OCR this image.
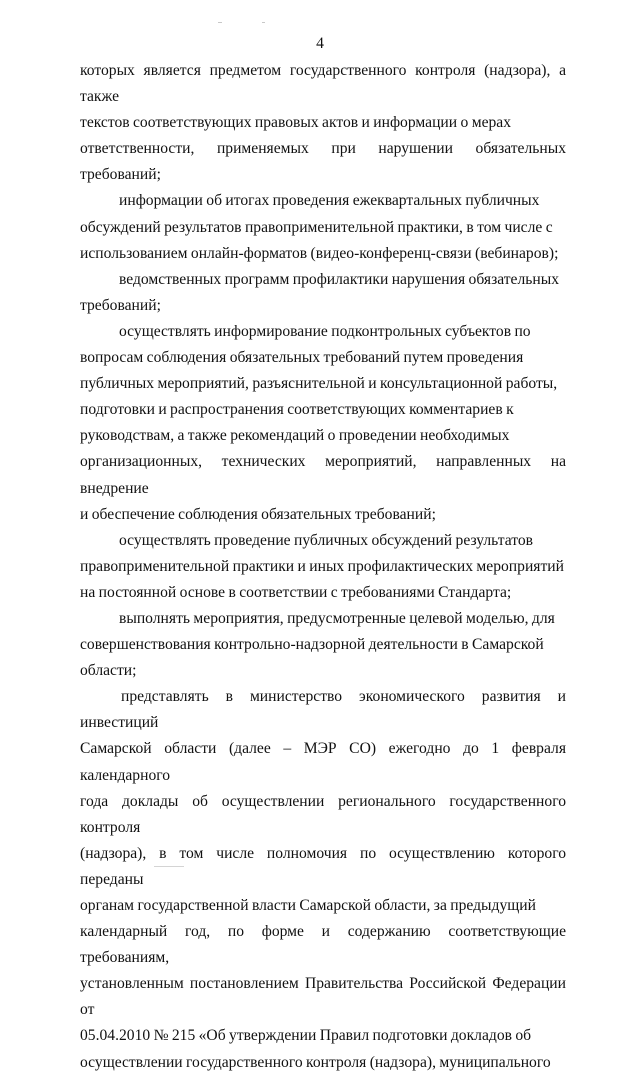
4

которых является предметом государственного контроля (надзора), а также
текстов соответствующих правовых актов и информации о мерах
ответственности, применяемых при нарушении обязательных требований;

информации об итогах проведения ежеквартальных публичных
обсуждений результатов правоприменительной практики, в том числе с
использованием онлайн-форматов (видео-конференц-связи (вебинаров);

ведомственных программ профилактики нарушения обязательных
требований;

осуществлять информирование подконтрольных субъектов по
вопросам соблюдения обязательных требований путем проведения
публичных мероприятий, разъяснительной и консультационной работы,
подготовки и распространения соответствующих комментариев к
руководствам, а также рекомендаций о проведении необходимых
организационных, технических мероприятий, направленных на внедрение
и обеспечение соблюдения обязательных требований;

осуществлять проведение публичных обсуждений результатов
правоприменительной практики и иных профилактических мероприятий
на постоянной основе в соответствии с требованиями Стандарта;

выполнять мероприятия, предусмотренные целевой моделью, для
совершенствования контрольно-надзорной деятельности в Самарской
области;

представлять в министерство экономического развития и инвестиций
Самарской области (далее – МЭР СО) ежегодно до 1 февраля календарного
года доклады об осуществлении регионального государственного контроля
(надзора), в том числе полномочия по осуществлению которого переданы
органам государственной власти Самарской области, за предыдущий
календарный год, по форме и содержанию соответствующие требованиям,
установленным постановлением Правительства Российской Федерации от
05.04.2010 № 215 «Об утверждении Правил подготовки докладов об
осуществлении государственного контроля (надзора), муниципального
